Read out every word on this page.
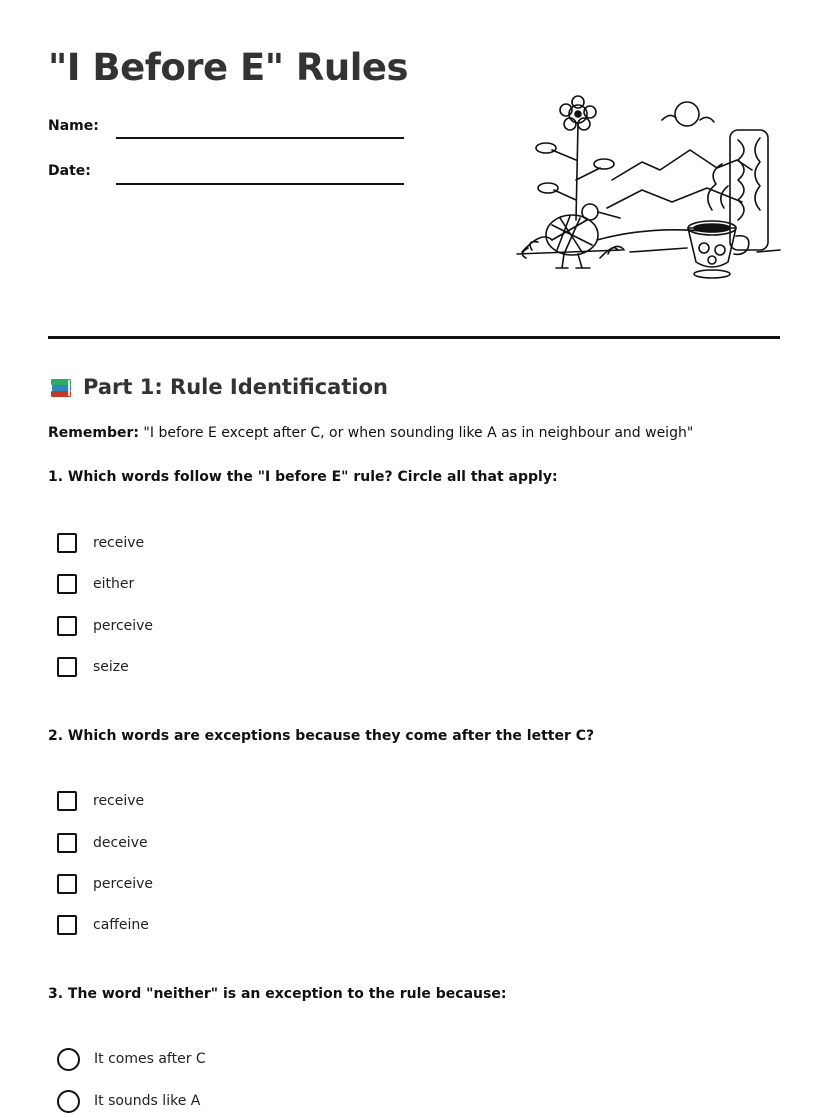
"I Before E" Rules
Name:
Date:
Part 1: Rule Identification
Remember: "I before E except after C, or when sounding like A as in neighbour and weigh"
1. Which words follow the "I before E" rule? Circle all that apply:
receive
either
perceive
seize
2. Which words are exceptions because they come after the letter C?
receive
deceive
perceive
caffeine
3. The word "neither" is an exception to the rule because:
It comes after C
It sounds like A
